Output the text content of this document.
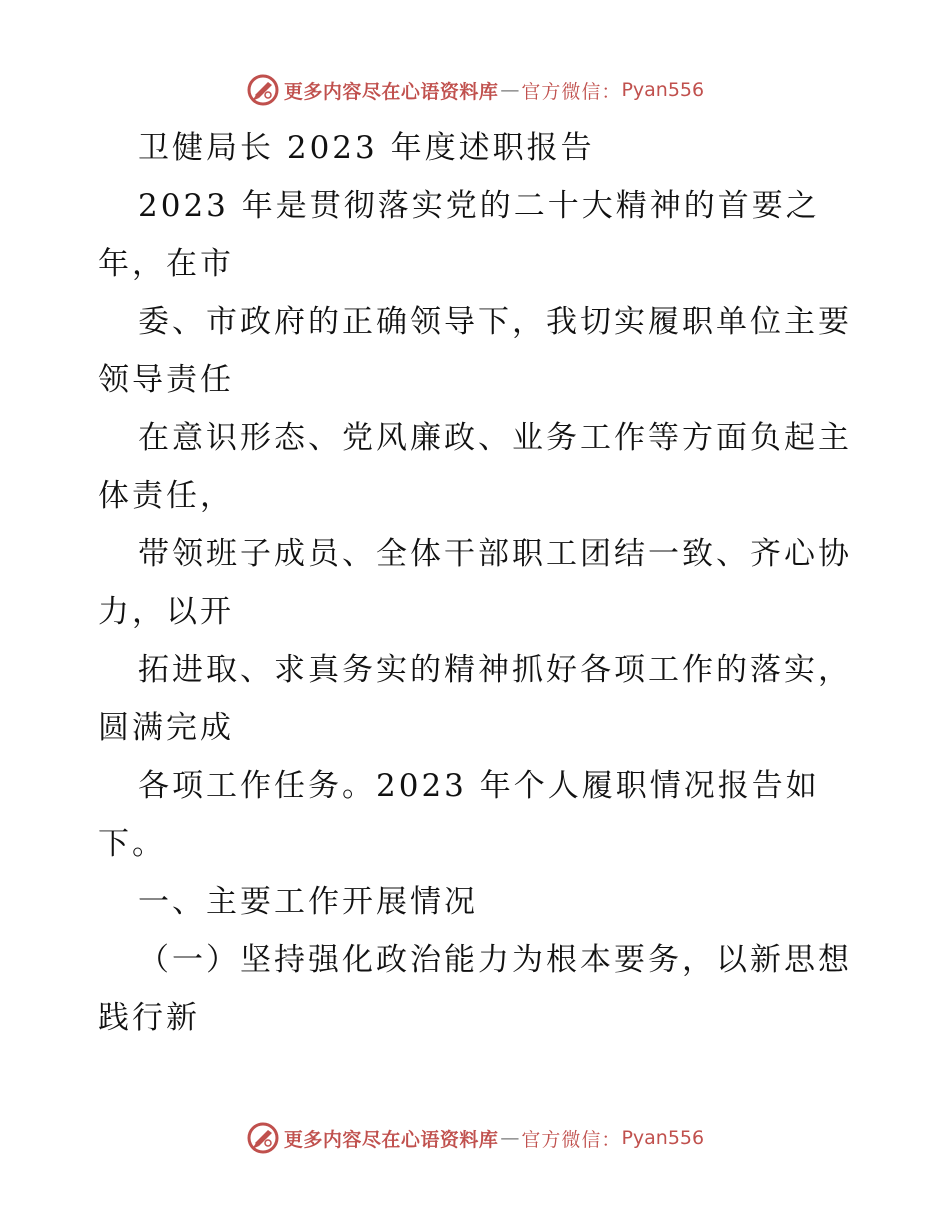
更多内容尽在心语资料库 — 官方微信： Pyan556

卫健局长 2023 年度述职报告

2023 年是贯彻落实党的二十大精神的首要之

年，在市

委、市政府的正确领导下，我切实履职单位主要

领导责任

在意识形态、党风廉政、业务工作等方面负起主

体责任，

带领班子成员、全体干部职工团结一致、齐心协

力，以开

拓进取、求真务实的精神抓好各项工作的落实，

圆满完成

各项工作任务。2023 年个人履职情况报告如

下。

一、主要工作开展情况

（一）坚持强化政治能力为根本要务，以新思想

践行新

更多内容尽在心语资料库 — 官方微信： Pyan556
